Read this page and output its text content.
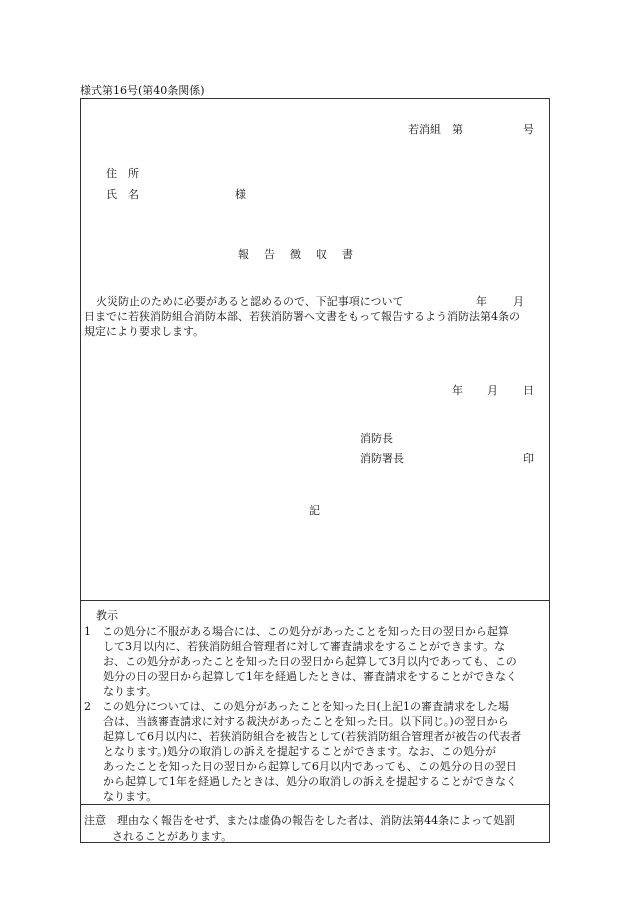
様式第16号(第40条関係)
若消組　第	号
住　所
氏　名	様
報告徴収書
火災防止のために必要があると認めるので、下記事項について	年 月
日までに若狭消防組合消防本部、若狭消防署へ文書をもって報告するよう消防法第4条の
規定により要求します。
年 月 日
消防長
消防署長	印
記
教示
1　この処分に不服がある場合には、この処分があったことを知った日の翌日から起算
して3月以内に、若狭消防組合管理者に対して審査請求をすることができます。な
お、この処分があったことを知った日の翌日から起算して3月以内であっても、この
処分の日の翌日から起算して1年を経過したときは、審査請求をすることができなく
なります。
2　この処分については、この処分があったことを知った日(上記1の審査請求をした場
合は、当該審査請求に対する裁決があったことを知った日。以下同じ。)の翌日から
起算して6月以内に、若狭消防組合を被告として(若狭消防組合管理者が被告の代表者
となります。)処分の取消しの訴えを提起することができます。なお、この処分が
あったことを知った日の翌日から起算して6月以内であっても、この処分の日の翌日
から起算して1年を経過したときは、処分の取消しの訴えを提起することができなく
なります。
注意　理由なく報告をせず、または虚偽の報告をした者は、消防法第44条によって処罰
されることがあります。
